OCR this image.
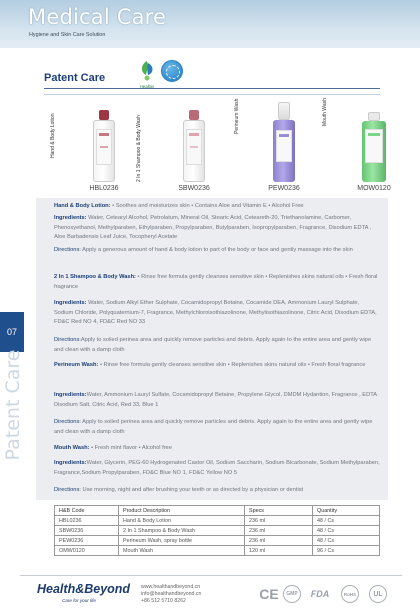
Medical Care
Hygiene and Skin Care Solution
07
Patent Care
Patent Care
Healtas
Hand & Body Lotion
HBL0236
2 In 1 Shampoo & Body Wash
SBW0236
Perineum Wash
PEW0236
Mouth Wash
MOW0120
Hand & Body Lotion: • Soothes and moisturizes skin • Contains Aloe and Vitamin E • Alcohol Free
Ingredients: Water, Cetearyl Alcohol, Petrolatum, Mineral Oil, Stearic Acid, Ceteareth-20, Triethanolamine, Carbomer, Phenoxyethanol, Methylparaben, Ethylparaben, Propylparaben, Butylparaben, Isopropylparaben, Fragrance, Disodium EDTA , Aloe Barbadensis Leaf Juice, Tocopheryl Acetate
Directions: Apply a generous amount of hand & body lotion to part of the body or face and gently massage into the skin
2 In 1 Shampoo & Body Wash: • Rinse free formula gently cleanses sensitive skin • Replenishes skins natural oils • Fresh floral fragrance
Ingredients: Water, Sodium Alkyl Ether Sulphate, Cocamidopropyl Betaine, Cocamide DEA, Ammonium Lauryl Sulphate, Sodium Chloride, Polyquaternium-7, Fragrance, Methylchloroisothiazolinone, Methylisothiazolinone, Citric Acid, Disodium EDTA, FD&C Red NO 4, FD&C Red NO 33
Directions:Apply to soiled perinea area and quickly remove particles and debris. Apply again to the entire area and gently wipe and clean with a damp cloth
Perineum Wash: • Rinse free formula gently cleanses sensitive skin • Replenishes skins natural oils • Fresh floral fragrance
Ingredients:Water, Ammonium Lauryl Sulfate, Cocamidopropyl Betaine, Propylene Glycol, DMDM Hydantion, Fragrance , EDTA Disodium Salt, Citric Acid, Red 33, Blue 1
Directions: Apply to soiled perinea area and quickly remove particles and debris. Apply again to the entire area and gently wipe and clean with a damp cloth
Mouth Wash: • Fresh mint flavor • Alcohol free
Ingredients:Water, Glycerin, PEG-60 Hydrogenated Castor Oil, Sodium Saccharin, Sodium Bicarbonate, Sodium Methylparaben, Fragrance,Sodium Propylparaben, FD&C Blue NO 1, FD&C Yellow NO 5
Directions: Use morning, night and after brushing your teeth or as directed by a physician or dentist
H&B Code	Product Description	Specs	Quantity
HBL0236	Hand & Body Lotion	236 ml	48 / Cs
SBW0236	2 In 1 Shampoo & Body Wash	236 ml	48 / Cs
PEW0236	Perineum Wash, spray bottle	236 ml	48 / Cs
OMW0120	Mouth Wash	120 ml	96 / Cs
Health&Beyond
Care for your life
www.healthandbeyond.cn
info@healthandbeyond.cn
+86 512 5710 8262	CE	GMP	FDA	RoHS	UL
